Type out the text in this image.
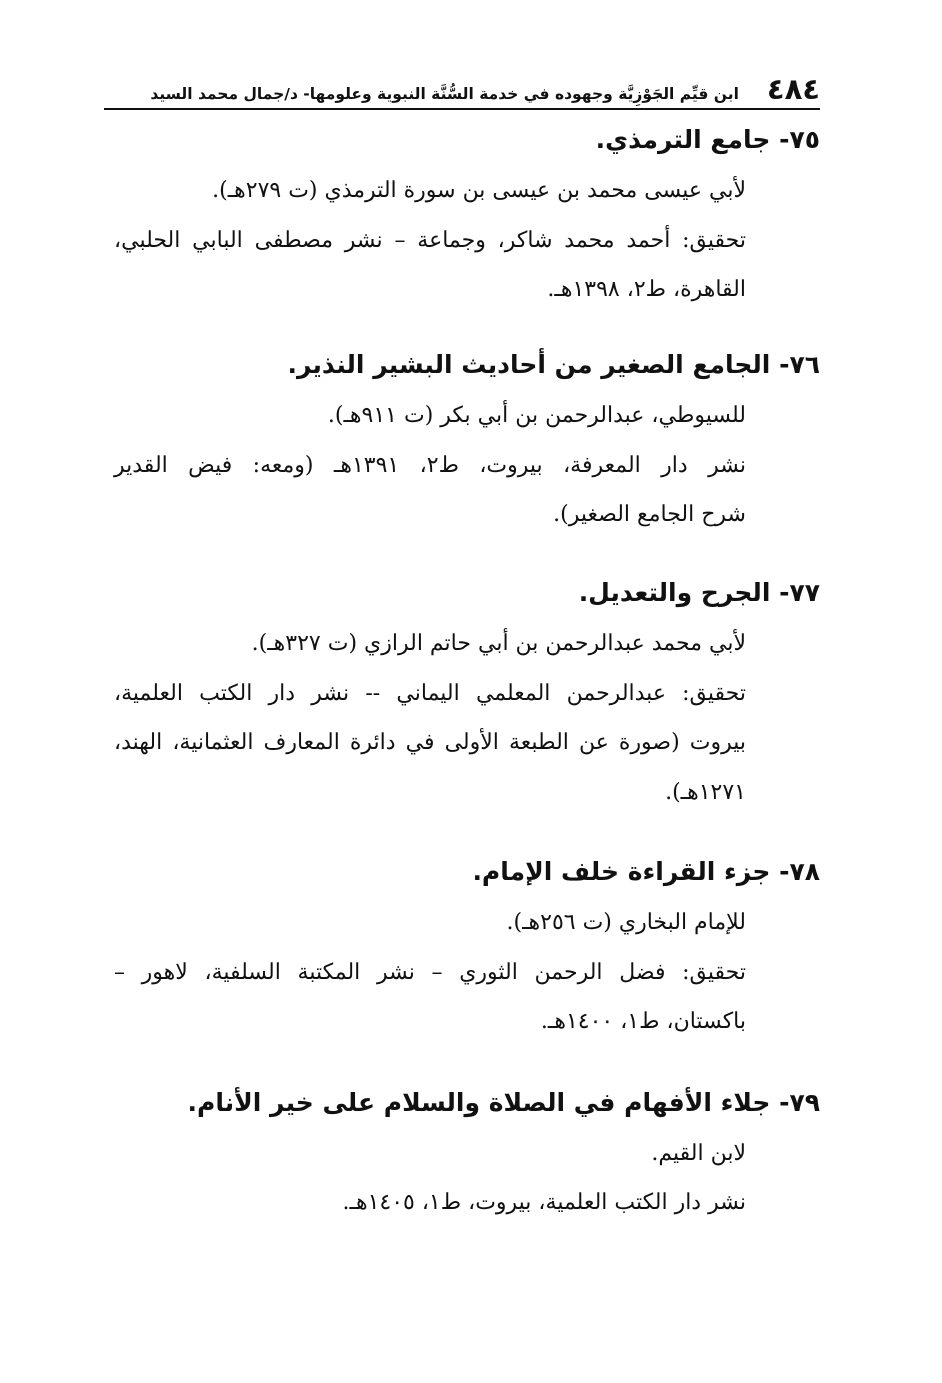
٤٨٤
ابن قيِّم الجَوْزِيَّة وجهوده في خدمة السُّنَّة النبوية وعلومها- د/جمال محمد السيد
٧٥- جامع الترمذي.
لأبي عيسى محمد بن عيسى بن سورة الترمذي (ت ٢٧٩هـ).
تحقيق: أحمد محمد شاكر، وجماعة – نشر مصطفى البابي الحلبي،
القاهرة، ط٢، ١٣٩٨هـ.
٧٦- الجامع الصغير من أحاديث البشير النذير.
للسيوطي، عبدالرحمن بن أبي بكر (ت ٩١١هـ).
نشر دار المعرفة، بيروت، ط٢، ١٣٩١هـ (ومعه: فيض القدير
شرح الجامع الصغير).
٧٧- الجرح والتعديل.
لأبي محمد عبدالرحمن بن أبي حاتم الرازي (ت ٣٢٧هـ).
تحقيق: عبدالرحمن المعلمي اليماني -- نشر دار الكتب العلمية،
بيروت (صورة عن الطبعة الأولى في دائرة المعارف العثمانية، الهند،
١٢٧١هـ).
٧٨- جزء القراءة خلف الإمام.
للإمام البخاري (ت ٢٥٦هـ).
تحقيق: فضل الرحمن الثوري – نشر المكتبة السلفية، لاهور –
باكستان، ط١، ١٤٠٠هـ.
٧٩- جلاء الأفهام في الصلاة والسلام على خير الأنام.
لابن القيم.
نشر دار الكتب العلمية، بيروت، ط١، ١٤٠٥هـ.
